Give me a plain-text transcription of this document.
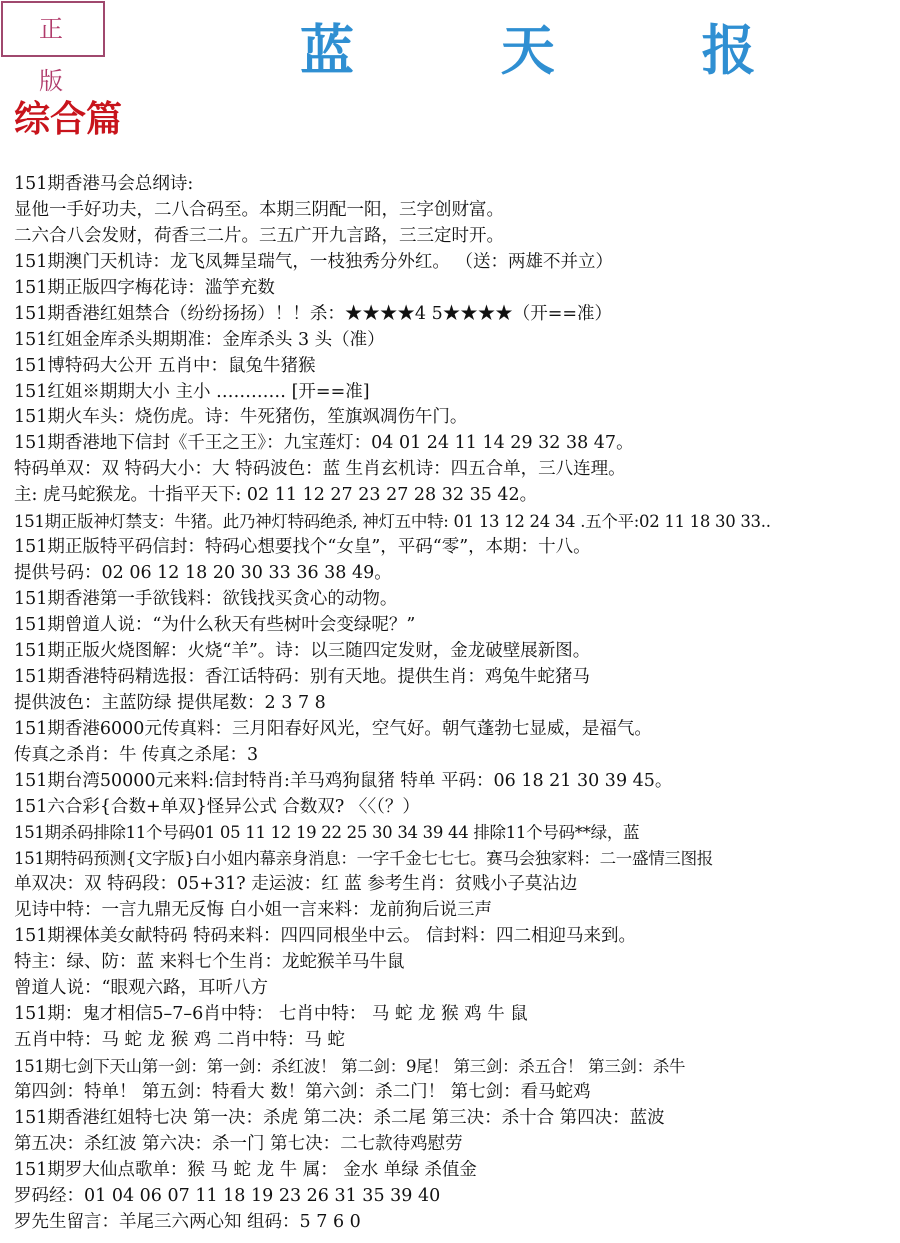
正 版	蓝 天 报
综合篇
151期香港马会总纲诗:
显他一手好功夫，二八合码至。本期三阴配一阳，三字创财富。
二六合八会发财，荷香三二片。三五广开九言路，三三定时开。
151期澳门天机诗：龙飞凤舞呈瑞气，一枝独秀分外红。 （送：两雄不并立）
151期正版四字梅花诗：滥竽充数
151期香港红姐禁合（纷纷扬扬）！！杀：★★★★4 5★★★★（开==准）
151红姐金库杀头期期准：金库杀头 3 头（准）
151博特码大公开 五肖中：鼠兔牛猪猴
151红姐※期期大小 主小 ………… [开==准]
151期火车头：烧伤虎。诗：牛死猪伤，笙旗飒凋伤午门。
151期香港地下信封《千王之王》：九宝莲灯：04 01 24 11 14 29 32 38 47。
特码单双：双 特码大小：大 特码波色：蓝 生肖玄机诗：四五合单，三八连理。
主: 虎马蛇猴龙。十指平天下: 02 11 12 27 23 27 28 32 35 42。
151期正版神灯禁支：牛猪。此乃神灯特码绝杀, 神灯五中特: 01 13 12 24 34 .五个平:02 11 18 30 33..
151期正版特平码信封：特码心想要找个“女皇”，平码“零”，本期：十八。
提供号码：02 06 12 18 20 30 33 36 38 49。
151期香港第一手欲钱料：欲钱找买贪心的动物。
151期曾道人说：“为什么秋天有些树叶会变绿呢？”
151期正版火烧图解：火烧“羊”。诗：以三随四定发财，金龙破壁展新图。
151期香港特码精选报：香江话特码：别有天地。提供生肖：鸡兔牛蛇猪马
提供波色：主蓝防绿 提供尾数：2 3 7 8
151期香港6000元传真料：三月阳春好风光，空气好。朝气蓬勃七显威，是福气。
传真之杀肖：牛 传真之杀尾：3
151期台湾50000元来料:信封特肖:羊马鸡狗鼠猪 特单 平码：06 18 21 30 39 45。
151六合彩{合数+单双}怪异公式 合数双? 〈〈（？）
151期杀码排除11个号码01 05 11 12 19 22 25 30 34 39 44 排除11个号码**绿，蓝
151期特码预测{文字版}白小姐内幕亲身消息：一字千金七七七。赛马会独家料：二一盛情三图报
单双决：双 特码段：05+31? 走运波：红 蓝 参考生肖：贫贱小子莫沾边
见诗中特：一言九鼎无反悔 白小姐一言来料：龙前狗后说三声
151期裸体美女献特码 特码来料：四四同根坐中云。 信封料：四二相迎马来到。
特主：绿、防：蓝 来料七个生肖：龙蛇猴羊马牛鼠
曾道人说：“眼观六路，耳听八方
151期：鬼才相信5–7–6肖中特： 七肖中特： 马 蛇 龙 猴 鸡 牛 鼠
五肖中特：马 蛇 龙 猴 鸡 二肖中特：马 蛇
151期七剑下天山第一剑：第一剑：杀红波！ 第二剑：9尾！ 第三剑：杀五合！ 第三剑：杀牛
第四剑：特单！ 第五剑：特看大 数！第六剑：杀二门！ 第七剑：看马蛇鸡
151期香港红姐特七决 第一决：杀虎 第二决：杀二尾 第三决：杀十合 第四决：蓝波
第五决：杀红波 第六决：杀一门 第七决：二七款待鸡慰劳
151期罗大仙点歌单：猴 马 蛇 龙 牛 属： 金水 单绿 杀值金
罗码经：01 04 06 07 11 18 19 23 26 31 35 39 40
罗先生留言：羊尾三六两心知 组码：5 7 6 0
